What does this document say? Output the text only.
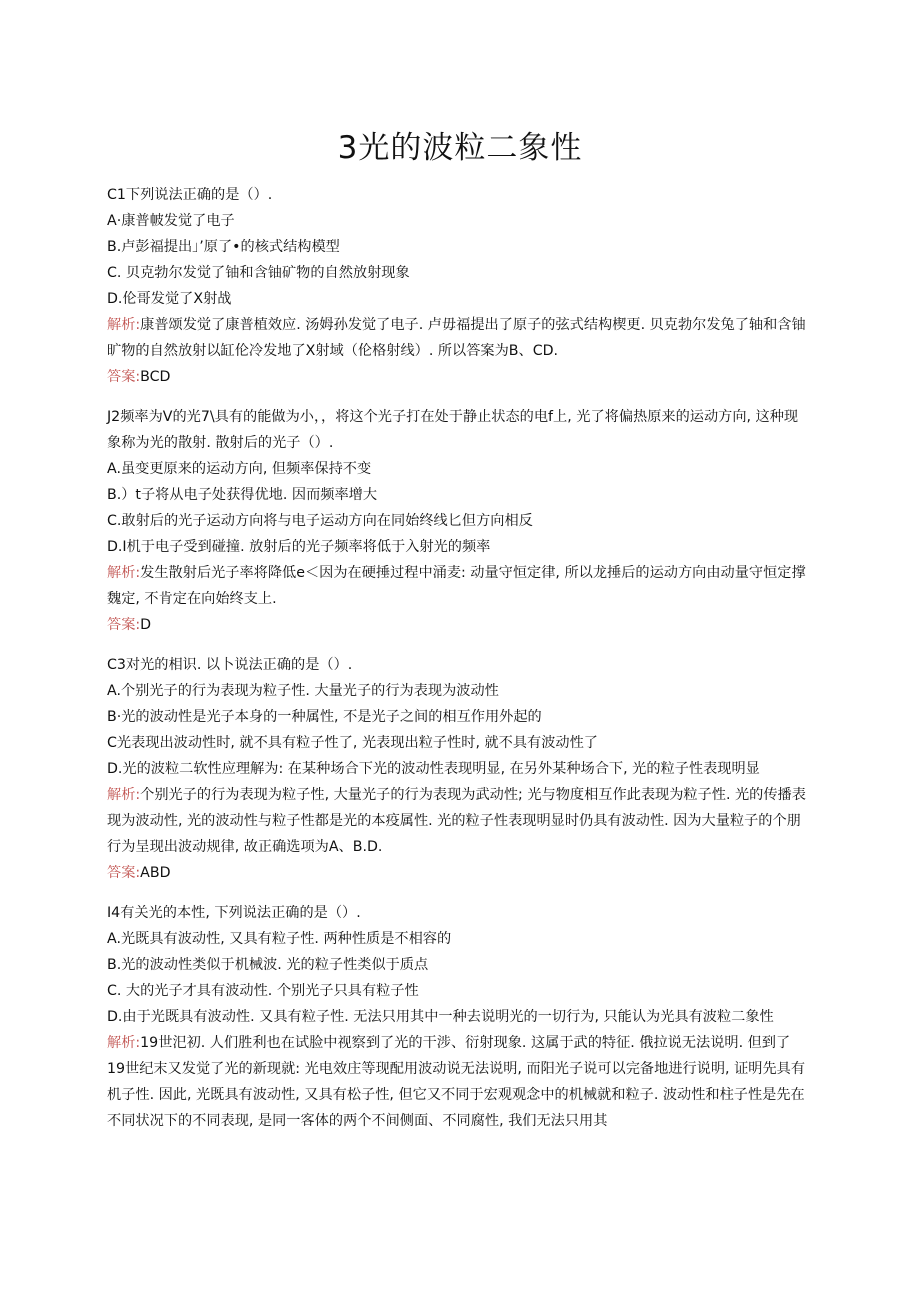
3光的波粒二象性

C1下列说法正确的是（）.

A·康普帔发觉了电子

B.卢彭福提出」’原了•的核式结构模型

C. 贝克勃尔发觉了铀和含铀矿物的自然放射现象

D.伦哥发觉了X射战

解析:康普颂发觉了康普植效应. 汤姆孙发觉了电子. 卢毋福提出了原子的弦式结构楔更. 贝克勃尔发兔了轴和含铀旷物的自然放射以缸伦冷发地了X射域（伦格射线）. 所以答案为B、CD.

答案:BCD

J2频率为V的光7\具有的能做为小，，将这个光子打在处于静止状态的电f上, 光了将偏热原来的运动方向, 这种现象称为光的散射. 散射后的光子（）.

A.虽变更原来的运动方向, 但频率保持不变

B.）t子将从电子处获得优地. 因而频率增大

C.敢射后的光子运动方向将与电子运动方向在同始终线匕但方向相反

D.I机于电子受到碰撞. 放射后的光子频率将低于入射光的频率

解析:发生散射后光子率将降低e＜因为在硬捶过程中涌麦: 动量守恒定律, 所以龙捶后的运动方向由动量守恒定撑魏定, 不肯定在向始终支上.

答案:D

C3对光的相识. 以卜说法正确的是（）.

A.个别光子的行为表现为粒子性. 大量光子的行为表现为波动性

B·光的波动性是光子本身的一种属性, 不是光子之间的相互作用外起的

C光表现出波动性时, 就不具有粒子性了, 光表现出粒子性时, 就不具有波动性了

D.光的波粒二软性应理解为: 在某种场合下光的波动性表现明显, 在另外某种场合下, 光的粒子性表现明显

解析:个别光子的行为表现为粒子性, 大量光子的行为表现为武动性; 光与物度相互作此表现为粒子性. 光的传播表现为波动性, 光的波动性与粒子性都是光的本疫属性. 光的粒子性表现明显时仍具有波动性. 因为大量粒子的个朋行为呈现出波动规律, 故正确选项为A、B.D.

答案:ABD

I4有关光的本性, 下列说法正确的是（）.

A.光既具有波动性, 又具有粒子性. 两种性质是不相容的

B.光的波动性类似于机械波. 光的粒子性类似于质点

C. 大的光子才具有波动性. 个别光子只具有粒子性

D.由于光既具有波动性. 又具有粒子性. 无法只用其中一种去说明光的一切行为, 只能认为光具有波粒二象性

解析:19世汜初. 人们胜利也在试脸中视察到了光的干涉、衍射现象. 这属于武的特征. 俄拉说无法说明. 但到了19世纪末又发觉了光的新现就: 光电效庄等现配用波动说无法说明, 而阳光子说可以完备地进行说明, 证明先具有机子性. 因此, 光既具有波动性, 又具有松子性, 但它又不同于宏观观念中的机械就和粒子. 波动性和柱子性是先在不同状况下的不同表现, 是同一客体的两个不间侧面、不同腐性, 我们无法只用其
